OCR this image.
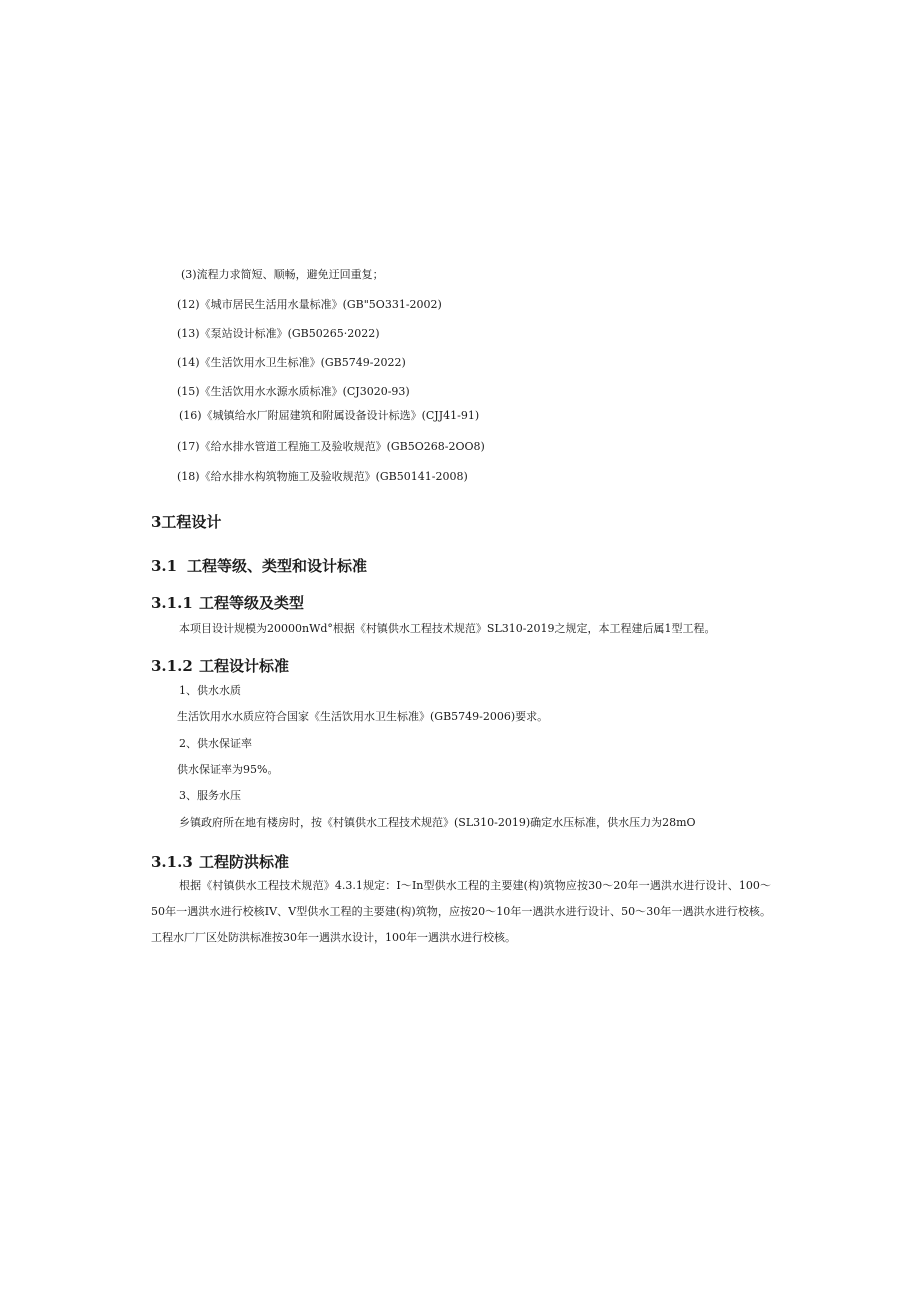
(3)流程力求简短、顺畅，避免迂回重复；
(12)《城市居民生活用水量标准》(GB"5O331-2002)
(13)《泵站设计标准》(GB50265·2022)
(14)《生活饮用水卫生标准》(GB5749-2022)
(15)《生活饮用水水源水质标准》(CJ3020-93)
(16)《城镇给水厂附屈建筑和附属设备设计标选》(CJJ41-91)
(17)《给水排水管道工程施工及验收规范》(GB5O268-2OO8)
(18)《给水排水构筑物施工及验收规范》(GB50141-2008)
3工程设计
3.1 工程等级、类型和设计标准
3.1.1 工程等级及类型
本项目设计规模为20000nWd°根据《村镇供水工程技术规范》SL310-2019之规定，本工程建后属1型工程。
3.1.2 工程设计标准
1、供水水质
生活饮用水水质应符合国家《生活饮用水卫生标准》(GB5749-2006)要求。
2、供水保证率
供水保证率为95%。
3、服务水压
乡镇政府所在地有楼房时，按《村镇供水工程技术规范》(SL310-2019)确定水压标准，供水压力为28mO
3.1.3 工程防洪标准
根据《村镇供水工程技术规范》4.3.1规定：I～In型供水工程的主要建(构)筑物应按30～20年一遇洪水进行设计、100～50年一遇洪水进行校核IV、V型供水工程的主要建(构)筑物，应按20～10年一遇洪水进行设计、50～30年一遇洪水进行校核。工程水厂厂区处防洪标准按30年一遇洪水设计，100年一遇洪水进行校核。
